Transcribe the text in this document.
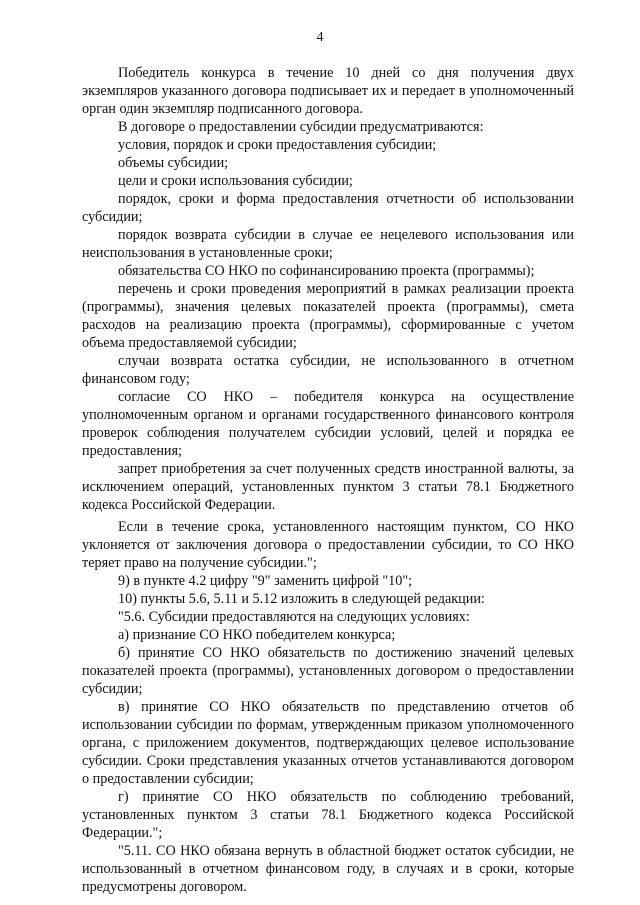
4

Победитель конкурса в течение 10 дней со дня получения двух экземпляров указанного договора подписывает их и передает в уполномоченный орган один экземпляр подписанного договора.

В договоре о предоставлении субсидии предусматриваются:

условия, порядок и сроки предоставления субсидии;

объемы субсидии;

цели и сроки использования субсидии;

порядок, сроки и форма предоставления отчетности об использовании субсидии;

порядок возврата субсидии в случае ее нецелевого использования или неиспользования в установленные сроки;

обязательства СО НКО по софинансированию проекта (программы);

перечень и сроки проведения мероприятий в рамках реализации проекта (программы), значения целевых показателей проекта (программы), смета расходов на реализацию проекта (программы), сформированные с учетом объема предоставляемой субсидии;

случаи возврата остатка субсидии, не использованного в отчетном финансовом году;

согласие СО НКО – победителя конкурса на осуществление уполномоченным органом и органами государственного финансового контроля проверок соблюдения получателем субсидии условий, целей и порядка ее предоставления;

запрет приобретения за счет полученных средств иностранной валюты, за исключением операций, установленных пунктом 3 статьи 78.1 Бюджетного кодекса Российской Федерации.

Если в течение срока, установленного настоящим пунктом, СО НКО уклоняется от заключения договора о предоставлении субсидии, то СО НКО теряет право на получение субсидии.";

9) в пункте 4.2 цифру "9" заменить цифрой "10";

10) пункты 5.6, 5.11 и 5.12 изложить в следующей редакции:

"5.6. Субсидии предоставляются на следующих условиях:

а) признание СО НКО победителем конкурса;

б) принятие СО НКО обязательств по достижению значений целевых показателей проекта (программы), установленных договором о предоставлении субсидии;

в) принятие СО НКО обязательств по представлению отчетов об использовании субсидии по формам, утвержденным приказом уполномоченного органа, с приложением документов, подтверждающих целевое использование субсидии. Сроки представления указанных отчетов устанавливаются договором о предоставлении субсидии;

г) принятие СО НКО обязательств по соблюдению требований, установленных пунктом 3 статьи 78.1 Бюджетного кодекса Российской Федерации.";

"5.11. СО НКО обязана вернуть в областной бюджет остаток субсидии, не использованный в отчетном финансовом году, в случаях и в сроки, которые предусмотрены договором.
